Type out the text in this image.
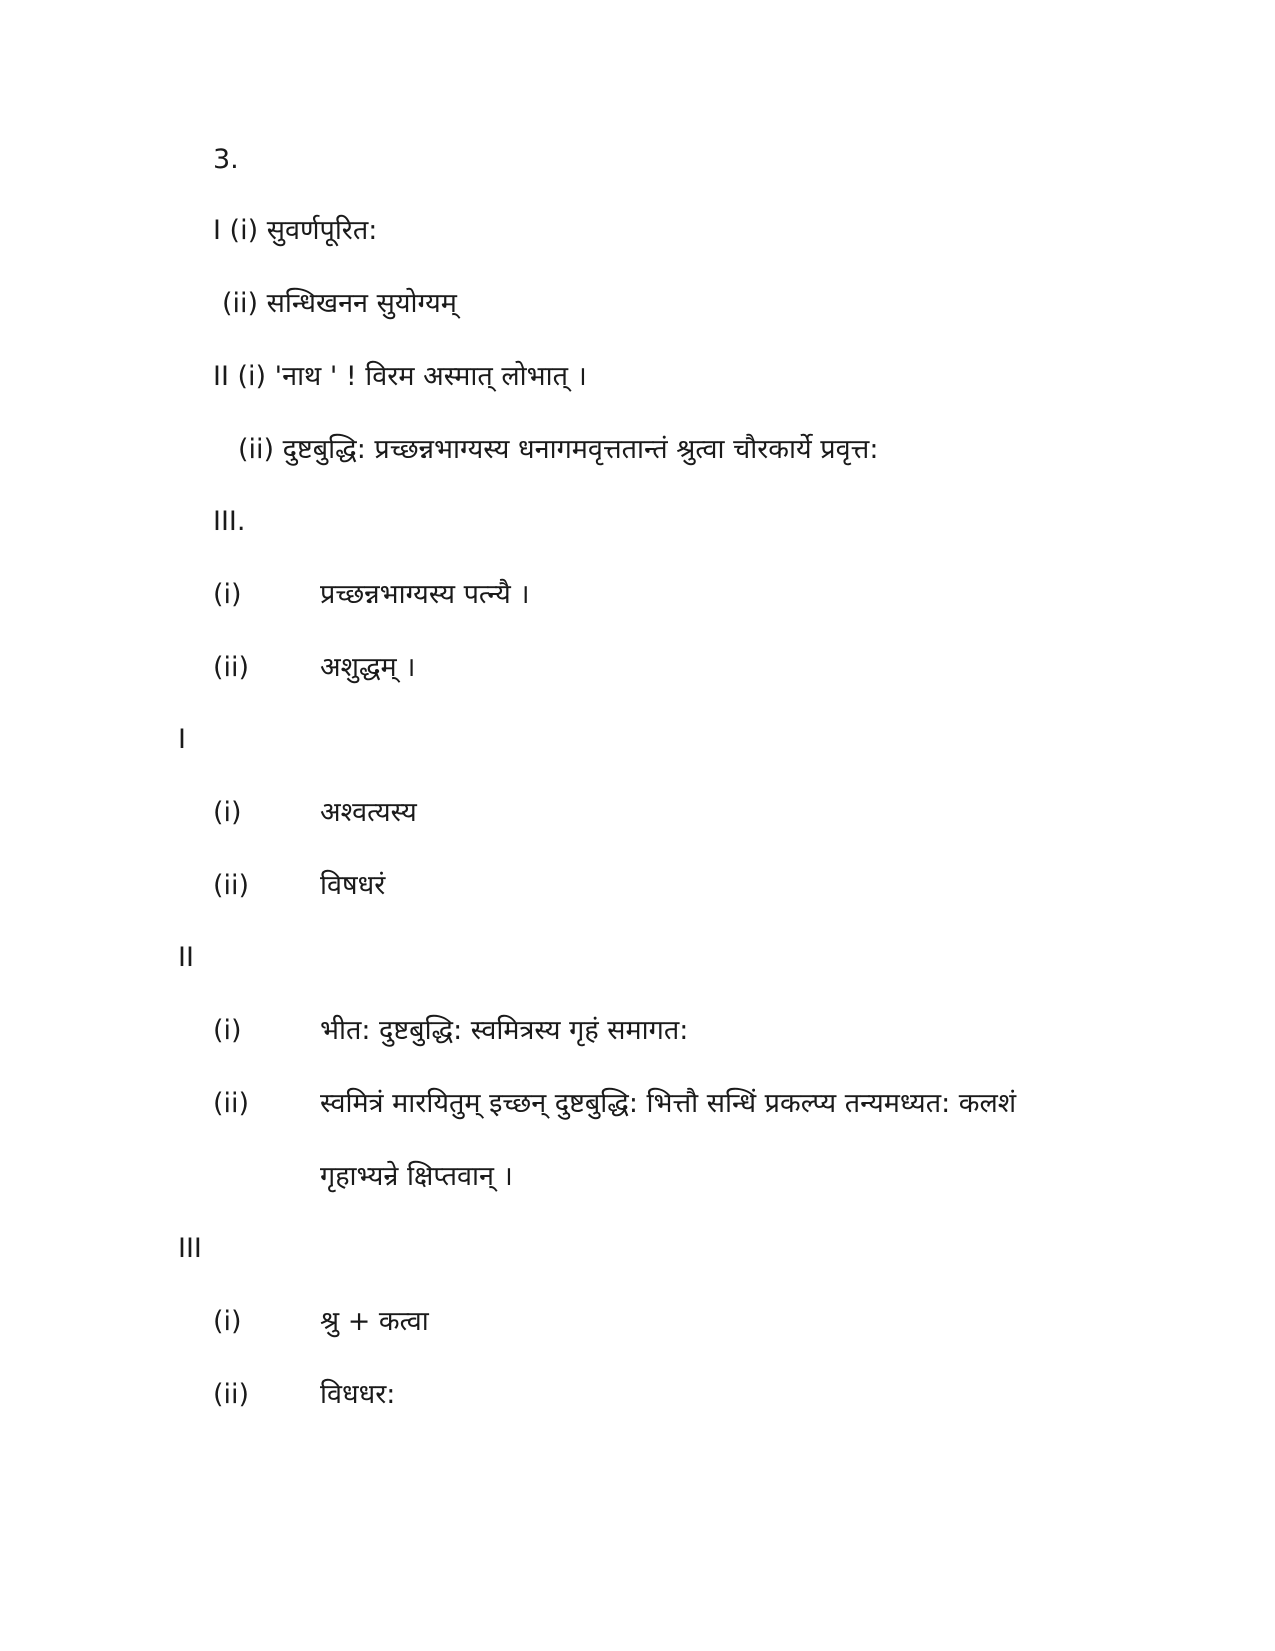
3.
I (i) सुवर्णपूरित:
(ii) सन्धिखनन सुयोग्यम्
II (i) 'नाथ ' ! विरम अस्मात् लोभात् ।
(ii) दुष्टबुद्धि: प्रच्छन्नभाग्यस्य धनागमवृत्ततान्तं श्रुत्वा चौरकार्ये प्रवृत्त:
III.
(i)	प्रच्छन्नभाग्यस्य पत्न्यै ।
(ii)	अशुद्धम् ।
I
(i)	अश्वत्यस्य
(ii)	विषधरं
II
(i)	भीत: दुष्टबुद्धि: स्वमित्रस्य गृहं समागत:
(ii)	स्वमित्रं मारयितुम् इच्छन् दुष्टबुद्धि: भित्तौ सन्धिं प्रकल्प्य तन्यमध्यत: कलशं
गृहाभ्यन्रे क्षिप्तवान् ।
III
(i)	श्रु + कत्वा
(ii)	विधधर:
